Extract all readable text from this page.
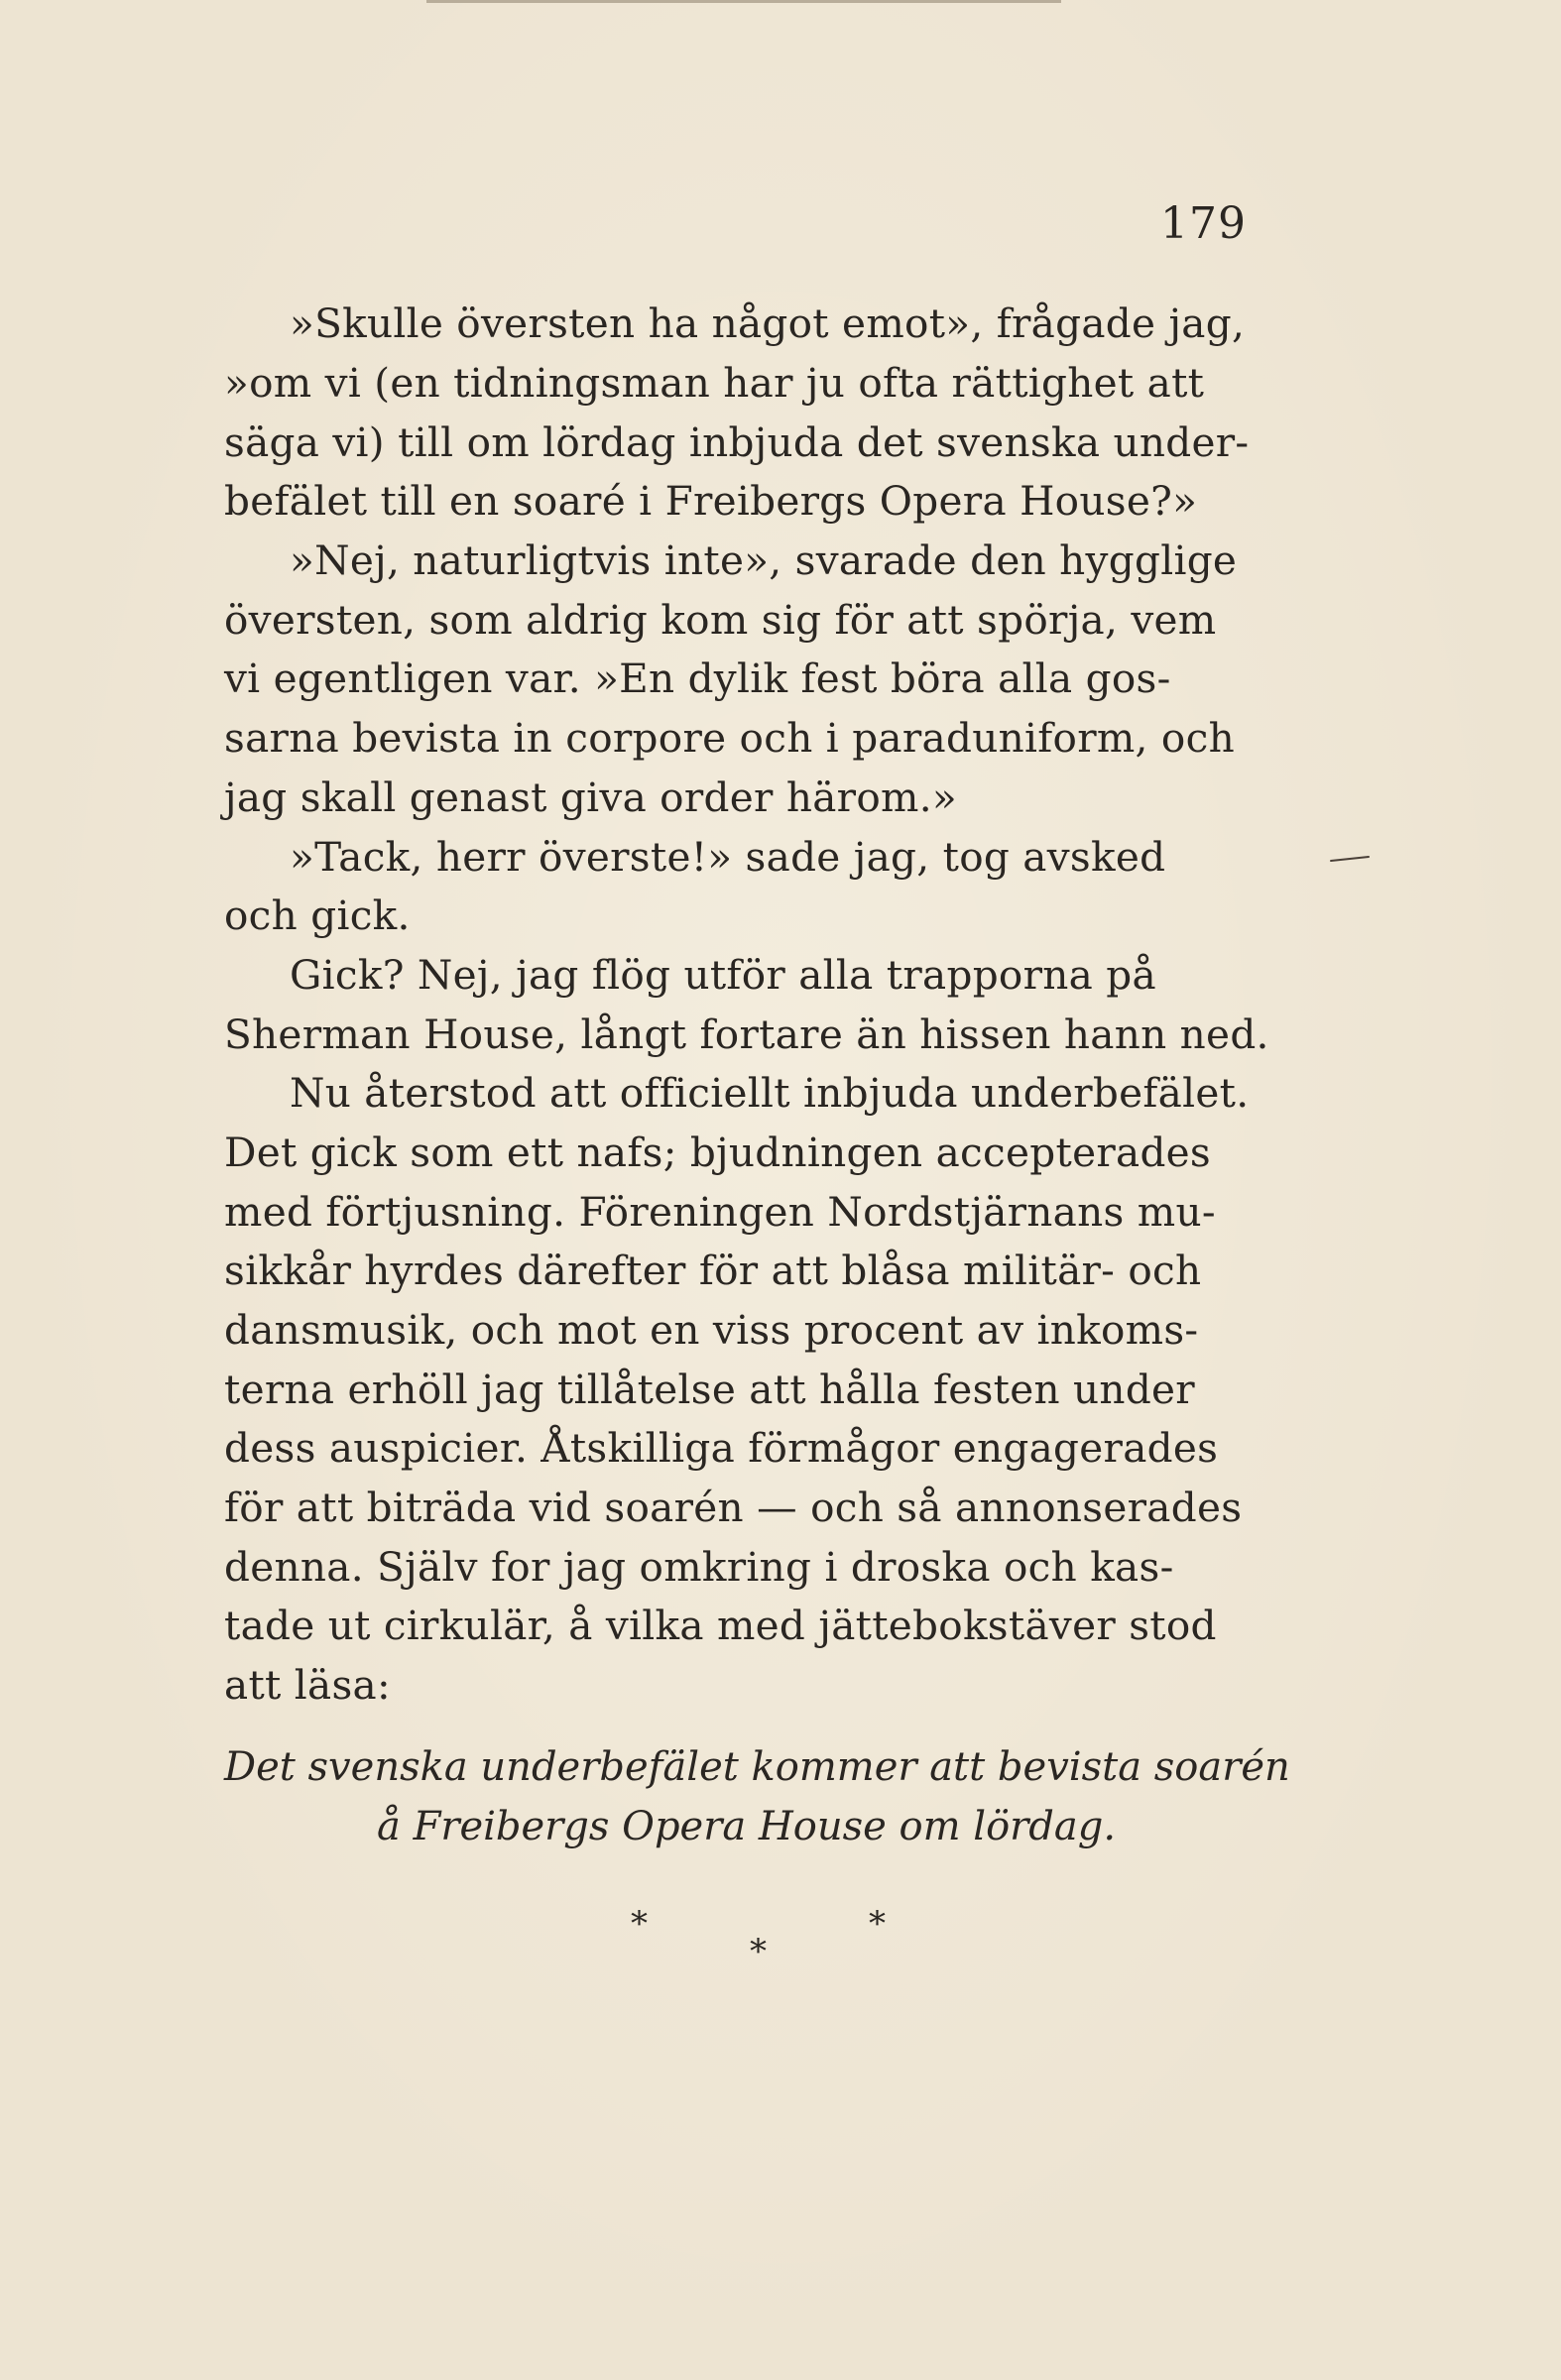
179
»Skulle översten ha något emot», frågade jag,
»om vi (en tidningsman har ju ofta rättighet att
säga vi) till om lördag inbjuda det svenska under-
befälet till en soaré i Freibergs Opera House?»
»Nej, naturligtvis inte», svarade den hygglige
översten, som aldrig kom sig för att spörja, vem
vi egentligen var. »En dylik fest böra alla gos-
sarna bevista in corpore och i paraduniform, och
jag skall genast giva order härom.»
»Tack, herr överste!» sade jag, tog avsked
och gick.
Gick? Nej, jag flög utför alla trapporna på
Sherman House, långt fortare än hissen hann ned.
Nu återstod att officiellt inbjuda underbefälet.
Det gick som ett nafs; bjudningen accepterades
med förtjusning. Föreningen Nordstjärnans mu-
sikkår hyrdes därefter för att blåsa militär- och
dansmusik, och mot en viss procent av inkoms-
terna erhöll jag tillåtelse att hålla festen under
dess auspicier. Åtskilliga förmågor engagerades
för att biträda vid soarén — och så annonserades
denna. Själv for jag omkring i droska och kas-
tade ut cirkulär, å vilka med jättebokstäver stod
att läsa:
Det svenska underbefälet kommer att bevista soarén
å Freibergs Opera House om lördag.
*	*
*
